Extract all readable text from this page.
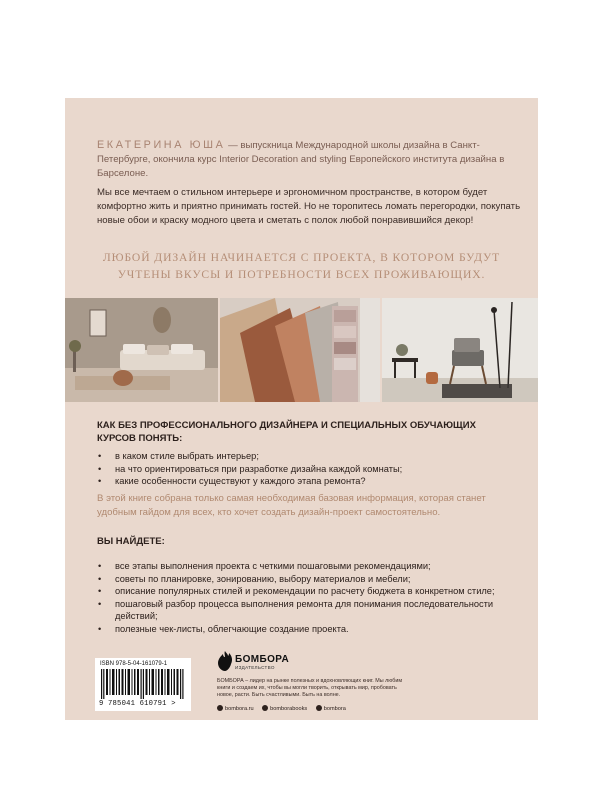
ЕКАТЕРИНА ЮША — выпускница Международной школы дизайна в Санкт-Петербурге, окончила курс Interior Decoration and styling Европейского института дизайна в Барселоне.

Мы все мечтаем о стильном интерьере и эргономичном пространстве, в котором будет комфортно жить и приятно принимать гостей. Но не торопитесь ломать перегородки, покупать новые обои и краску модного цвета и сметать с полок любой понравившийся декор!

ЛЮБОЙ ДИЗАЙН НАЧИНАЕТСЯ С ПРОЕКТА, В КОТОРОМ БУДУТ УЧТЕНЫ ВКУСЫ И ПОТРЕБНОСТИ ВСЕХ ПРОЖИВАЮЩИХ.

КАК БЕЗ ПРОФЕССИОНАЛЬНОГО ДИЗАЙНЕРА И СПЕЦИАЛЬНЫХ ОБУЧАЮЩИХ КУРСОВ ПОНЯТЬ:

• в каком стиле выбрать интерьер;
• на что ориентироваться при разработке дизайна каждой комнаты;
• какие особенности существуют у каждого этапа ремонта?

В этой книге собрана только самая необходимая базовая информация, которая станет удобным гайдом для всех, кто хочет создать дизайн-проект самостоятельно.

ВЫ НАЙДЕТЕ:

• все этапы выполнения проекта с четкими пошаговыми рекомендациями;
• советы по планировке, зонированию, выбору материалов и мебели;
• описание популярных стилей и рекомендации по расчету бюджета в конкретном стиле;
• пошаговый разбор процесса выполнения ремонта для понимания последовательности действий;
• полезные чек-листы, облегчающие создание проекта.
ISBN 978-5-04-161079-1
9 785041 610791 >
БОМБОРА
ИЗДАТЕЛЬСТВО

БОМБОРА – лидер на рынке полезных и вдохновляющих книг. Мы любим книги и создаем их, чтобы вы могли творить, открывать мир, пробовать новое, расти. Быть счастливыми. Быть на волне.

bombora.ru	bomborabooks	bombora
